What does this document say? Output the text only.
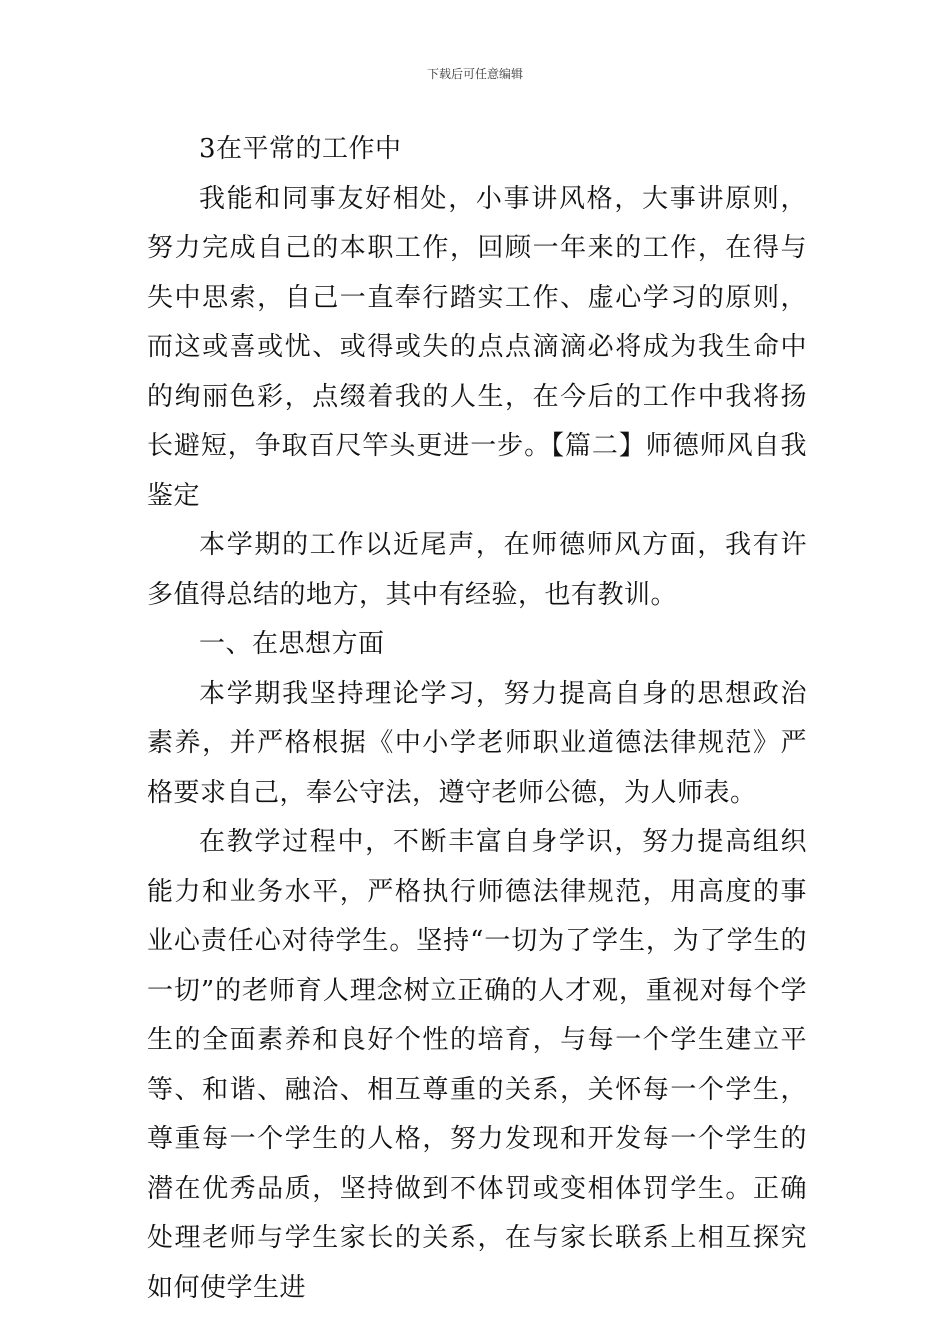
下载后可任意编辑

3在平常的工作中

我能和同事友好相处，小事讲风格，大事讲原则，努力完成自己的本职工作，回顾一年来的工作，在得与失中思索，自己一直奉行踏实工作、虚心学习的原则，而这或喜或忧、或得或失的点点滴滴必将成为我生命中的绚丽色彩，点缀着我的人生，在今后的工作中我将扬长避短，争取百尺竿头更进一步。【篇二】师德师风自我鉴定

本学期的工作以近尾声，在师德师风方面，我有许多值得总结的地方，其中有经验，也有教训。

一、在思想方面

本学期我坚持理论学习，努力提高自身的思想政治素养，并严格根据《中小学老师职业道德法律规范》严格要求自己，奉公守法，遵守老师公德，为人师表。

在教学过程中，不断丰富自身学识，努力提高组织能力和业务水平，严格执行师德法律规范，用高度的事业心责任心对待学生。坚持“一切为了学生，为了学生的一切”的老师育人理念树立正确的人才观，重视对每个学生的全面素养和良好个性的培育，与每一个学生建立平等、和谐、融洽、相互尊重的关系，关怀每一个学生，尊重每一个学生的人格，努力发现和开发每一个学生的潜在优秀品质，坚持做到不体罚或变相体罚学生。正确处理老师与学生家长的关系，在与家长联系上相互探究如何使学生进
